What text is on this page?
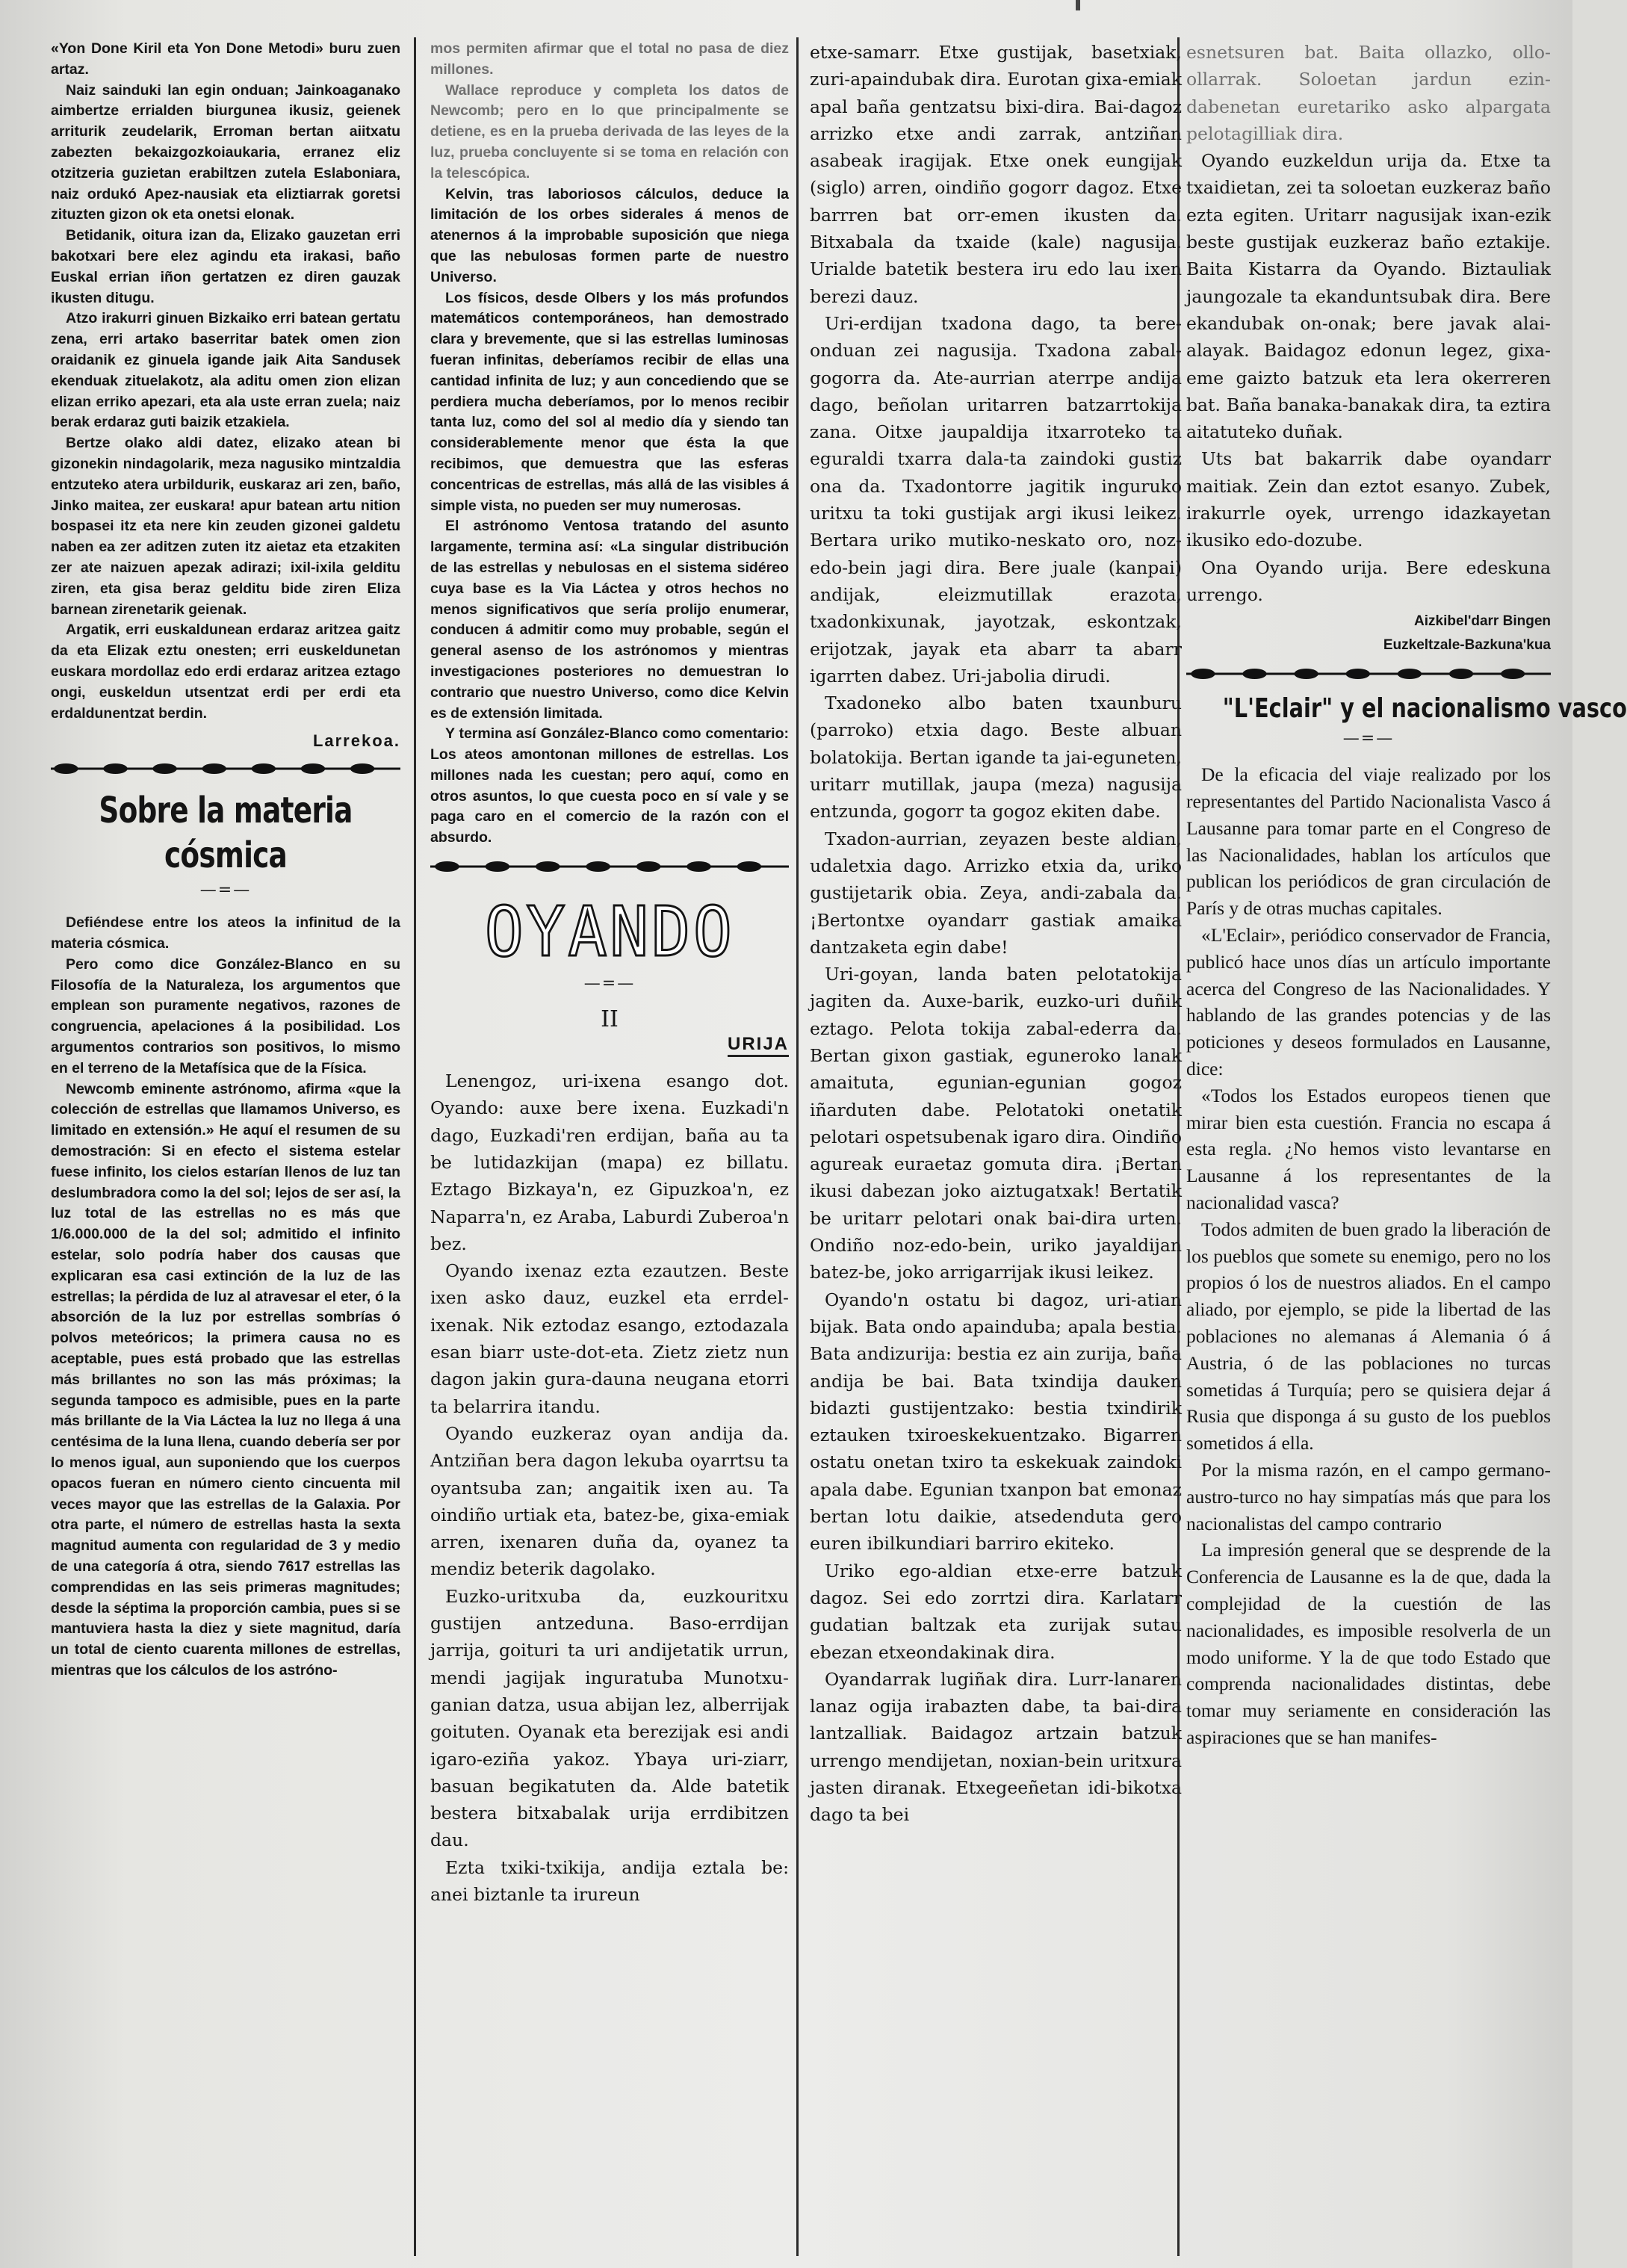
«Yon Done Kiril eta Yon Done Metodi» buru zuen artaz.

Naiz sainduki lan egin onduan; Jainkoaganako aimbertze errialden biurgunea ikusiz, geienek arriturik zeudelarik, Erroman bertan aiitxatu zabezten bekaizgozkoiaukaria, erranez eliz otzitzeria guzietan erabiltzen zutela Eslaboniara, naiz ordukó Apez-nausiak eta eliztiarrak goretsi zituzten gizon ok eta onetsi elonak.

Betidanik, oitura izan da, Elizako gauzetan erri bakotxari bere elez agindu eta irakasi, baño Euskal errian iñon gertatzen ez diren gauzak ikusten ditugu.

Atzo irakurri ginuen Bizkaiko erri batean gertatu zena, erri artako baserritar batek omen zion oraidanik ez ginuela igande jaik Aita Sandusek ekenduak zituelakotz, ala aditu omen zion elizan elizan erriko apezari, eta ala uste erran zuela; naiz berak erdaraz guti baizik etzakiela.

Bertze olako aldi datez, elizako atean bi gizonekin nindagolarik, meza nagusiko mintzaldia entzuteko atera urbildurik, euskaraz ari zen, baño, Jinko maitea, zer euskara! apur batean artu nition bospasei itz eta nere kin zeuden gizonei galdetu naben ea zer aditzen zuten itz aietaz eta etzakiten zer ate naizuen apezak adirazi; ixil-ixila gelditu ziren, eta gisa beraz gelditu bide ziren Eliza barnean zirenetarik geienak.

Argatik, erri euskaldunean erdaraz aritzea gaitz da eta Elizak eztu onesten; erri euskeldunetan euskara mordollaz edo erdi erdaraz aritzea eztago ongi, euskeldun utsentzat erdi per erdi eta erdaldunentzat berdin.

Larrekoa.
Sobre la materia cósmica
—=—

Defiéndese entre los ateos la infinitud de la materia cósmica.

Pero como dice González-Blanco en su Filosofía de la Naturaleza, los argumentos que emplean son puramente negativos, razones de congruencia, apelaciones á la posibilidad. Los argumentos contrarios son positivos, lo mismo en el terreno de la Metafísica que de la Física.

Newcomb eminente astrónomo, afirma «que la colección de estrellas que llamamos Universo, es limitado en extensión.» He aquí el resumen de su demostración: Si en efecto el sistema estelar fuese infinito, los cielos estarían llenos de luz tan deslumbradora como la del sol; lejos de ser así, la luz total de las estrellas no es más que 1/6.000.000 de la del sol; admitido el infinito estelar, solo podría haber dos causas que explicaran esa casi extinción de la luz de las estrellas; la pérdida de luz al atravesar el eter, ó la absorción de la luz por estrellas sombrías ó polvos meteóricos; la primera causa no es aceptable, pues está probado que las estrellas más brillantes no son las más próximas; la segunda tampoco es admisible, pues en la parte más brillante de la Via Láctea la luz no llega á una centésima de la luna llena, cuando debería ser por lo menos igual, aun suponiendo que los cuerpos opacos fueran en número ciento cincuenta mil veces mayor que las estrellas de la Galaxia. Por otra parte, el número de estrellas hasta la sexta magnitud aumenta con regularidad de 3 y medio de una categoría á otra, siendo 7617 estrellas las comprendidas en las seis primeras magnitudes; desde la séptima la proporción cambia, pues si se mantuviera hasta la diez y siete magnitud, daría un total de ciento cuarenta millones de estrellas, mientras que los cálculos de los astróno-

mos permiten afirmar que el total no pasa de diez millones.

Wallace reproduce y completa los datos de Newcomb; pero en lo que principalmente se detiene, es en la prueba derivada de las leyes de la luz, prueba concluyente si se toma en relación con la telescópica.

Kelvin, tras laboriosos cálculos, deduce la limitación de los orbes siderales á menos de atenernos á la improbable suposición que niega que las nebulosas formen parte de nuestro Universo.

Los físicos, desde Olbers y los más profundos matemáticos contemporáneos, han demostrado clara y brevemente, que si las estrellas luminosas fueran infinitas, deberíamos recibir de ellas una cantidad infinita de luz; y aun concediendo que se perdiera mucha deberíamos, por lo menos recibir tanta luz, como del sol al medio día y siendo tan considerablemente menor que ésta la que recibimos, que demuestra que las esferas concentricas de estrellas, más allá de las visibles á simple vista, no pueden ser muy numerosas.

El astrónomo Ventosa tratando del asunto largamente, termina así: «La singular distribución de las estrellas y nebulosas en el sistema sidéreo cuya base es la Via Láctea y otros hechos no menos significativos que sería prolijo enumerar, conducen á admitir como muy probable, según el general asenso de los astrónomos y mientras investigaciones posteriores no demuestran lo contrario que nuestro Universo, como dice Kelvin es de extensión limitada.

Y termina así González-Blanco como comentario: Los ateos amontonan millones de estrellas. Los millones nada les cuestan; pero aquí, como en otros asuntos, lo que cuesta poco en sí vale y se paga caro en el comercio de la razón con el absurdo.

OYANDO
—=—
II
URIJA

Lenengoz, uri-ixena esango dot. Oyando: auxe bere ixena. Euzkadi'n dago, Euzkadi'ren erdijan, baña au ta be lutidazkijan (mapa) ez billatu. Eztago Bizkaya'n, ez Gipuzkoa'n, ez Naparra'n, ez Araba, Laburdi Zuberoa'n bez.

Oyando ixenaz ezta ezautzen. Beste ixen asko dauz, euzkel eta errdel-ixenak. Nik eztodaz esango, eztodazala esan biarr uste-dot-eta. Zietz zietz nun dagon jakin gura-dauna neugana etorri ta belarrira itandu.

Oyando euzkeraz oyan andija da. Antziñan bera dagon lekuba oyarrtsu ta oyantsuba zan; angaitik ixen au. Ta oindiño urtiak eta, batez-be, gixa-emiak arren, ixenaren duña da, oyanez ta mendiz beterik dagolako.

Euzko-uritxuba da, euzkouritxu gustijen antzeduna. Baso-errdijan jarrija, goituri ta uri andijetatik urrun, mendi jagijak inguratuba Munotxu-ganian datza, usua abijan lez, alberrijak goituten. Oyanak eta berezijak esi andi igaro-eziña yakoz. Ybaya uri-ziarr, basuan begikatuten da. Alde batetik bestera bitxabalak urija errdibitzen dau.

Ezta txiki-txikija, andija eztala be: anei biztanle ta irureun

etxe-samarr. Etxe gustijak, basetxiak, zuri-apaindubak dira. Eurotan gixa-emiak apal baña gentzatsu bixi-dira. Bai-dagoz arrizko etxe andi zarrak, antziñan asabeak iragijak. Etxe onek eungijak (siglo) arren, oindiño gogorr dagoz. Etxe barrren bat orr-emen ikusten da. Bitxabala da txaide (kale) nagusija. Urialde batetik bestera iru edo lau ixen berezi dauz.

Uri-erdijan txadona dago, ta bere-onduan zei nagusija. Txadona zabal-gogorra da. Ate-aurrian aterrpe andija dago, beñolan uritarren batzarrtokija zana. Oitxe jaupaldija itxarroteko ta eguraldi txarra dala-ta zaindoki gustiz ona da. Txadontorre jagitik inguruko uritxu ta toki gustijak argi ikusi leikez. Bertara uriko mutiko-neskato oro, noz-edo-bein jagi dira. Bere juale (kanpai) andijak, eleizmutillak erazota, txadonkixunak, jayotzak, eskontzak, erijotzak, jayak eta abarr ta abarr igarrten dabez. Uri-jabolia dirudi.

Txadoneko albo baten txaunburu (parroko) etxia dago. Beste albuan bolatokija. Bertan igande ta jai-eguneten, uritarr mutillak, jaupa (meza) nagusija entzunda, gogorr ta gogoz ekiten dabe.

Txadon-aurrian, zeyazen beste aldian, udaletxia dago. Arrizko etxia da, uriko gustijetarik obia. Zeya, andi-zabala da. ¡Bertontxe oyandarr gastiak amaika dantzaketa egin dabe!

Uri-goyan, landa baten pelotatokija jagiten da. Auxe-barik, euzko-uri duñik eztago. Pelota tokija zabal-ederra da. Bertan gixon gastiak, eguneroko lanak amaituta, egunian-egunian gogoz iñarduten dabe. Pelotatoki onetatik pelotari ospetsubenak igaro dira. Oindiño agureak euraetaz gomuta dira. ¡Bertan ikusi dabezan joko aiztugatxak! Bertatik be uritarr pelotari onak bai-dira urten. Ondiño noz-edo-bein, uriko jayaldijan batez-be, joko arrigarrijak ikusi leikez.

Oyando'n ostatu bi dagoz, uri-atian bijak. Bata ondo apainduba; apala bestia. Bata andizurija: bestia ez ain zurija, baña andija be bai. Bata txindija dauken bidazti gustijentzako: bestia txindirik eztauken txiroeskekuentzako. Bigarren ostatu onetan txiro ta eskekuak zaindoki apala dabe. Egunian txanpon bat emonaz bertan lotu daikie, atsedenduta gero euren ibilkundiari barriro ekiteko.

Uriko ego-aldian etxe-erre batzuk dagoz. Sei edo zorrtzi dira. Karlatarr gudatian baltzak eta zurijak sutau ebezan etxeondakinak dira.

Oyandarrak lugiñak dira. Lurr-lanaren lanaz ogija irabazten dabe, ta bai-dira lantzalliak. Baidagoz artzain batzuk urrengo mendijetan, noxian-bein uritxura jasten diranak. Etxegeeñetan idi-bikotxa dago ta bei

esnetsuren bat. Baita ollazko, ollo-ollarrak. Soloetan jardun ezin-dabenetan euretariko asko alpargata pelotagilliak dira.

Oyando euzkeldun urija da. Etxe ta txaidietan, zei ta soloetan euzkeraz baño ezta egiten. Uritarr nagusijak ixan-ezik beste gustijak euzkeraz baño eztakije. Baita Kistarra da Oyando. Biztauliak jaungozale ta ekanduntsubak dira. Bere ekandubak on-onak; bere javak alai-alayak. Baidagoz edonun legez, gixa-eme gaizto batzuk eta lera okerreren bat. Baña banaka-banakak dira, ta eztira aitatuteko duñak.

Uts bat bakarrik dabe oyandarr maitiak. Zein dan eztot esanyo. Zubek, irakurrle oyek, urrengo idazkayetan ikusiko edo-dozube.

Ona Oyando urija. Bere edeskuna urrengo.

Aizkibel'darr Bingen
Euzkeltzale-Bazkuna'kua
"L'Eclair" y el nacionalismo vasco
—=—

De la eficacia del viaje realizado por los representantes del Partido Nacionalista Vasco á Lausanne para tomar parte en el Congreso de las Nacionalidades, hablan los artículos que publican los periódicos de gran circulación de París y de otras muchas capitales.

«L'Eclair», periódico conservador de Francia, publicó hace unos días un artículo importante acerca del Congreso de las Nacionalidades. Y hablando de las grandes potencias y de las poticiones y deseos formulados en Lausanne, dice:

«Todos los Estados europeos tienen que mirar bien esta cuestión. Francia no escapa á esta regla. ¿No hemos visto levantarse en Lausanne á los representantes de la nacionalidad vasca?

Todos admiten de buen grado la liberación de los pueblos que somete su enemigo, pero no los propios ó los de nuestros aliados. En el campo aliado, por ejemplo, se pide la libertad de las poblaciones no alemanas á Alemania ó á Austria, ó de las poblaciones no turcas sometidas á Turquía; pero se quisiera dejar á Rusia que disponga á su gusto de los pueblos sometidos á ella.

Por la misma razón, en el campo germano-austro-turco no hay simpatías más que para los nacionalistas del campo contrario

La impresión general que se desprende de la Conferencia de Lausanne es la de que, dada la complejidad de la cuestión de las nacionalidades, es imposible resolverla de un modo uniforme. Y la de que todo Estado que comprenda nacionalidades distintas, debe tomar muy seriamente en consideración las aspiraciones que se han manifes-
